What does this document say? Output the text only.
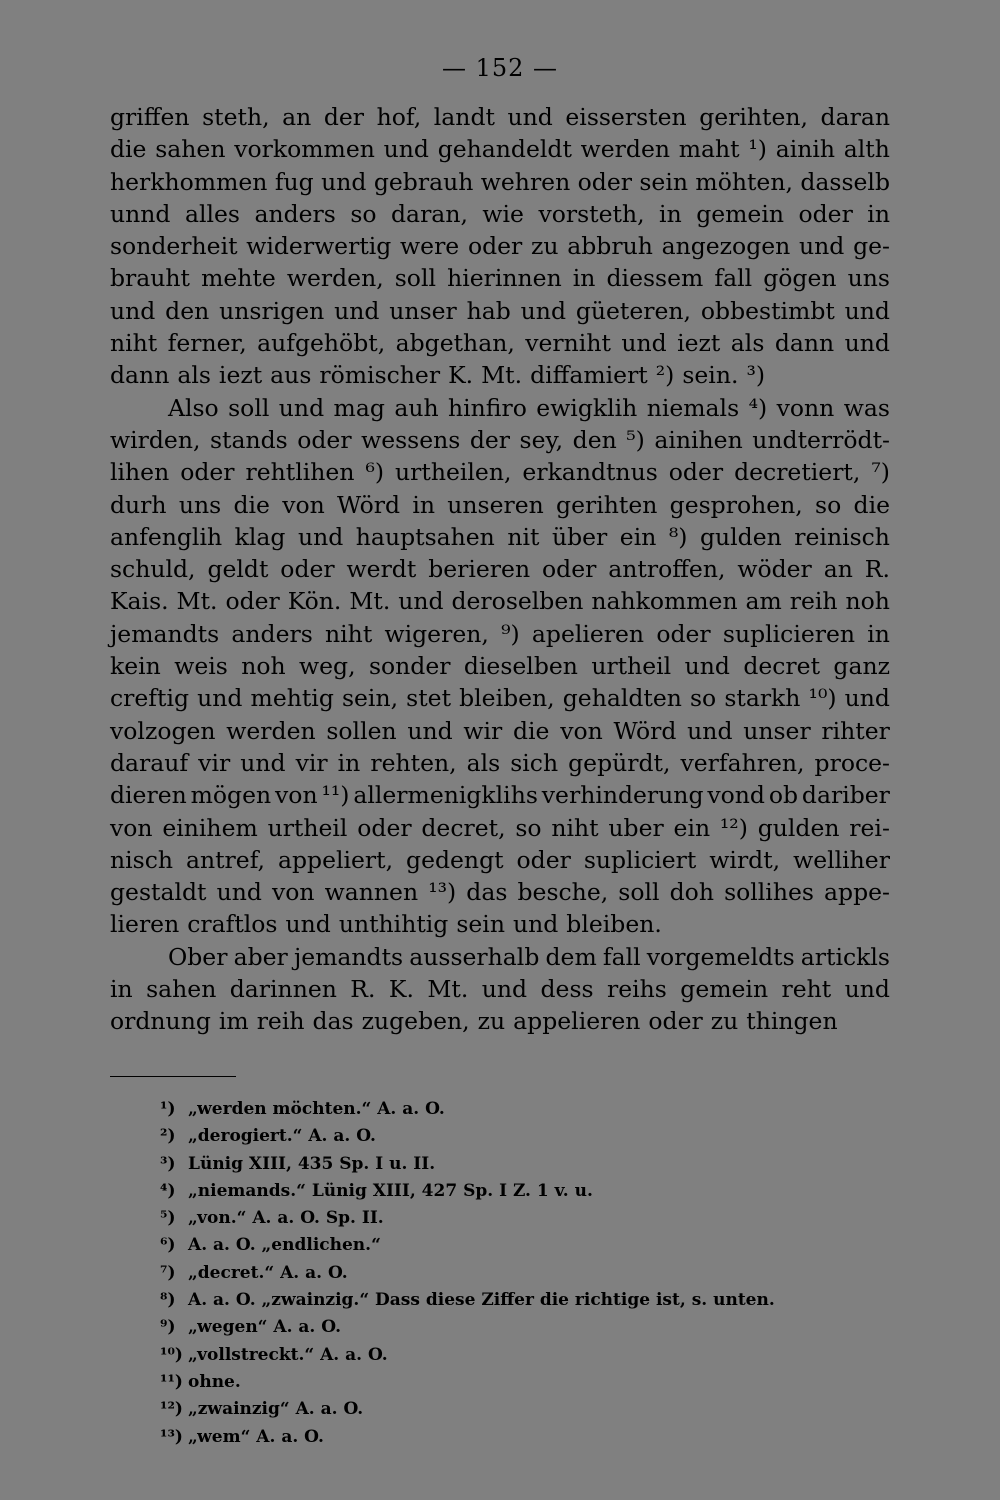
— 152 —
griffen steth, an der hof, landt und eissersten gerihten, daran
die sahen vorkommen und gehandeldt werden maht ¹) ainih alth
herkhommen fug und gebrauh wehren oder sein möhten, dasselb
unnd alles anders so daran, wie vorsteth, in gemein oder in
sonderheit widerwertig were oder zu abbruh angezogen und ge-
brauht mehte werden, soll hierinnen in diessem fall gögen uns
und den unsrigen und unser hab und güeteren, obbestimbt und
niht ferner, aufgehöbt, abgethan, verniht und iezt als dann und
dann als iezt aus römischer K. Mt. diffamiert ²) sein. ³)
Also soll und mag auh hinfiro ewigklih niemals ⁴) vonn was
wirden, stands oder wessens der sey, den ⁵) ainihen undterrödt-
lihen oder rehtlihen ⁶) urtheilen, erkandtnus oder decretiert, ⁷)
durh uns die von Wörd in unseren gerihten gesprohen, so die
anfenglih klag und hauptsahen nit über ein ⁸) gulden reinisch
schuld, geldt oder werdt berieren oder antroffen, wöder an R.
Kais. Mt. oder Kön. Mt. und deroselben nahkommen am reih noh
jemandts anders niht wigeren, ⁹) apelieren oder suplicieren in
kein weis noh weg, sonder dieselben urtheil und decret ganz
creftig und mehtig sein, stet bleiben, gehaldten so starkh ¹⁰) und
volzogen werden sollen und wir die von Wörd und unser rihter
darauf vir und vir in rehten, als sich gepürdt, verfahren, proce-
dieren mögen von ¹¹) allermenigklihs verhinderung vond ob dariber
von einihem urtheil oder decret, so niht uber ein ¹²) gulden rei-
nisch antref, appeliert, gedengt oder supliciert wirdt, welliher
gestaldt und von wannen ¹³) das besche, soll doh sollihes appe-
lieren craftlos und unthihtig sein und bleiben.
Ober aber jemandts ausserhalb dem fall vorgemeldts artickls
in sahen darinnen R. K. Mt. und dess reihs gemein reht und
ordnung im reih das zugeben, zu appelieren oder zu thingen
¹) „werden möchten.“ A. a. O.
²) „derogiert.“ A. a. O.
³) Lünig XIII, 435 Sp. I u. II.
⁴) „niemands.“ Lünig XIII, 427 Sp. I Z. 1 v. u.
⁵) „von.“ A. a. O. Sp. II.
⁶) A. a. O. „endlichen.“
⁷) „decret.“ A. a. O.
⁸) A. a. O. „zwainzig.“ Dass diese Ziffer die richtige ist, s. unten.
⁹) „wegen“ A. a. O.
¹⁰) „vollstreckt.“ A. a. O.
¹¹) ohne.
¹²) „zwainzig“ A. a. O.
¹³) „wem“ A. a. O.
